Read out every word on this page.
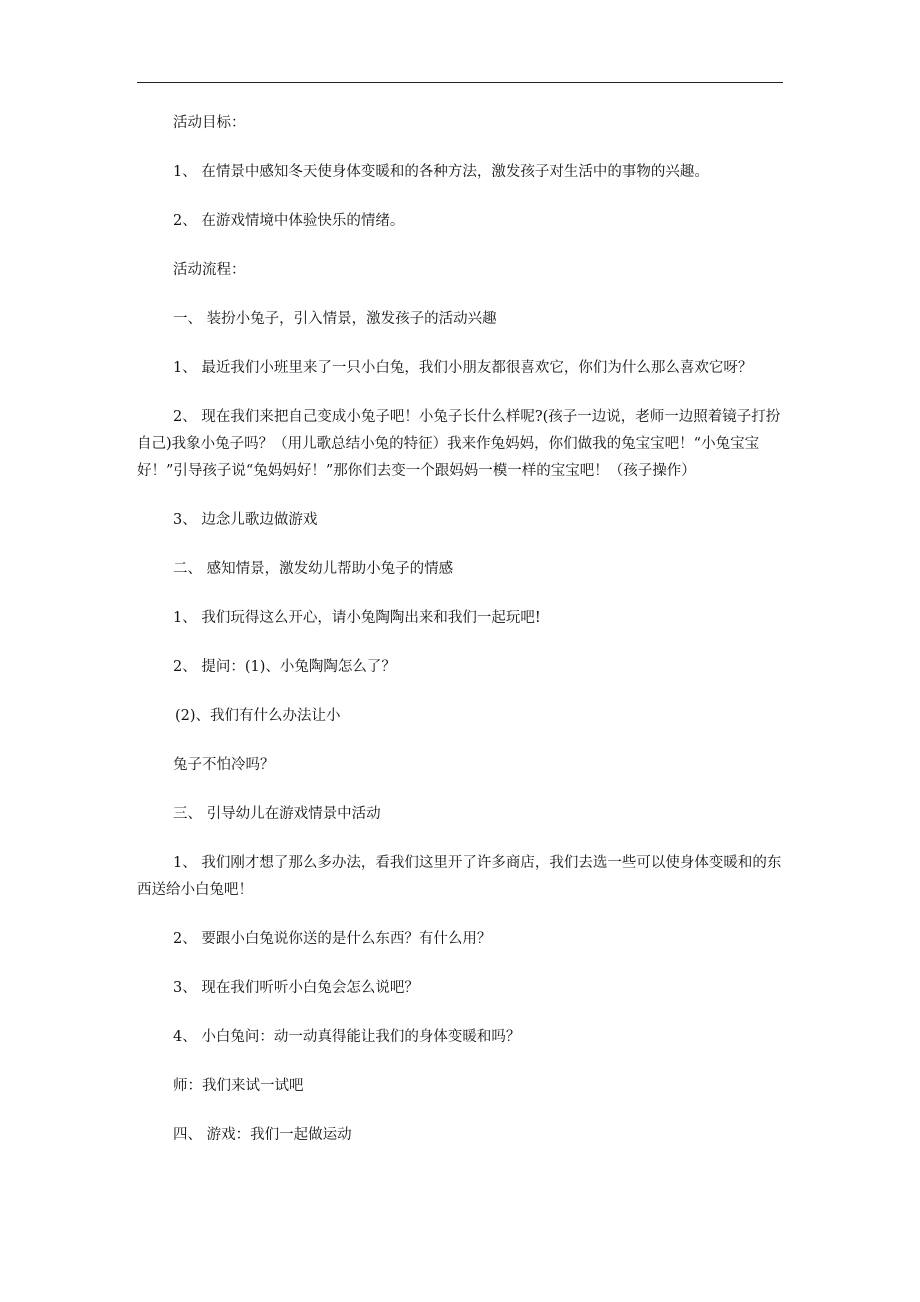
活动目标：

1、 在情景中感知冬天使身体变暖和的各种方法，激发孩子对生活中的事物的兴趣。

2、 在游戏情境中体验快乐的情绪。

活动流程：

一、 装扮小兔子，引入情景，激发孩子的活动兴趣

1、 最近我们小班里来了一只小白兔，我们小朋友都很喜欢它，你们为什么那么喜欢它呀？

2、 现在我们来把自己变成小兔子吧！小兔子长什么样呢?(孩子一边说，老师一边照着镜子打扮自己)我象小兔子吗？（用儿歌总结小兔的特征）我来作兔妈妈，你们做我的兔宝宝吧！“小兔宝宝好！”引导孩子说“兔妈妈好！”那你们去变一个跟妈妈一模一样的宝宝吧！（孩子操作）

3、 边念儿歌边做游戏

二、 感知情景，激发幼儿帮助小兔子的情感

1、 我们玩得这么开心，请小兔陶陶出来和我们一起玩吧!

2、 提问：(1)、小兔陶陶怎么了？

(2)、我们有什么办法让小

兔子不怕冷吗？

三、 引导幼儿在游戏情景中活动

1、 我们刚才想了那么多办法，看我们这里开了许多商店，我们去选一些可以使身体变暖和的东西送给小白兔吧！

2、 要跟小白兔说你送的是什么东西？有什么用？

3、 现在我们听听小白兔会怎么说吧？

4、 小白兔问：动一动真得能让我们的身体变暖和吗？

师：我们来试一试吧

四、 游戏：我们一起做运动
